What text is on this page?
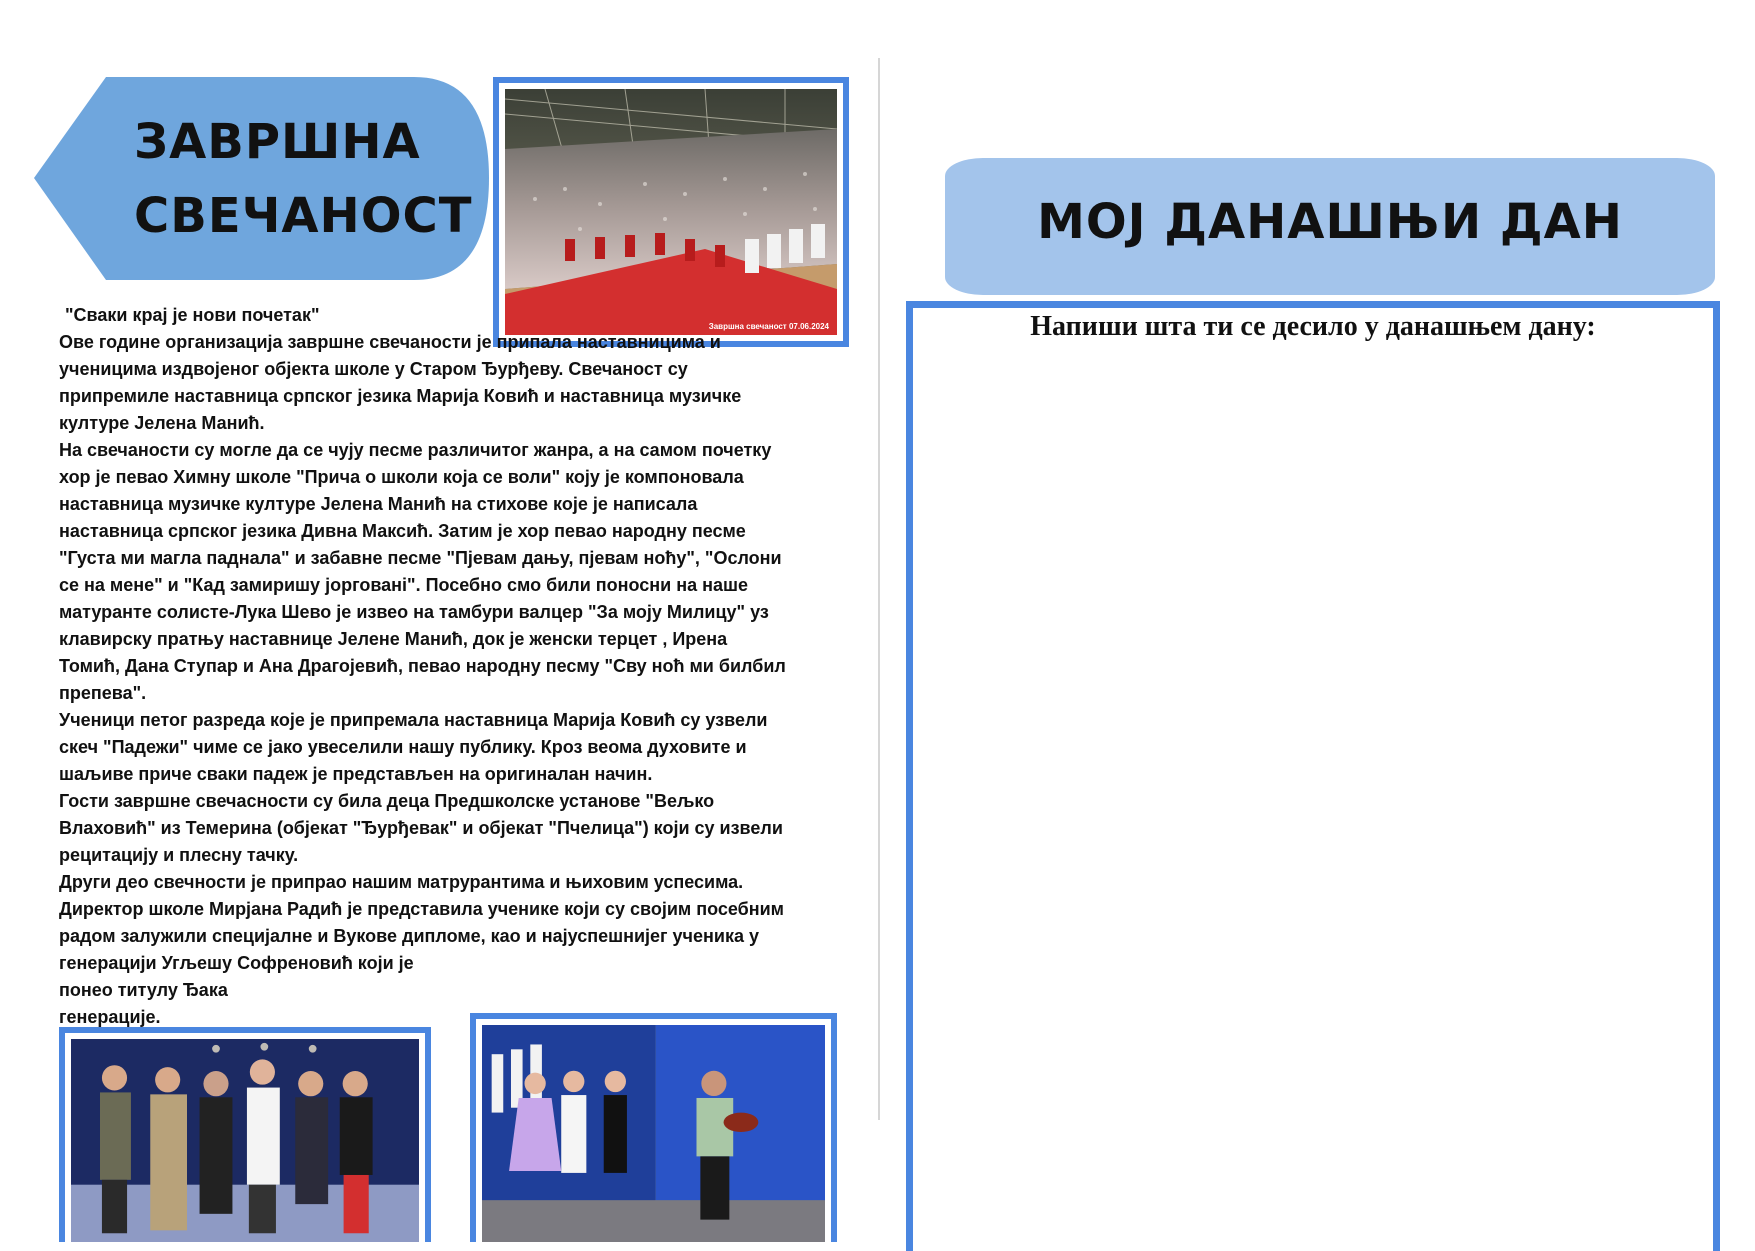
ЗАВРШНА
СВЕЧАНОСТ
Завршна свечаност 07.06.2024

"Сваки крај је нови почетак"

Ове године организација завршне свечаности је припала наставницима и

ученицима издвојеног објекта школе у Старом Ђурђеву. Свечаност су

припремиле наставница српског језика Марија Ковић и наставница музичке

културе Јелена Манић.

На свечаности су могле да се чују песме различитог жанра, а на самом почетку

хор је певао Химну школе "Прича о школи која се воли" коју је компоновала

наставница музичке културе Јелена Манић на стихове које је написала

наставница српског језика Дивна Максић. Затим је хор певао народну песме

"Густа ми магла паднала" и забавне песме "Пјевам дању, пјевам ноћу", "Ослони

се на мене" и "Кад замиришу јоргованi". Посебно смо били поносни на наше

матуранте солисте-Лука Шево је извео на тамбури валцер "За моју Милицу" уз

клавирску пратњу наставнице Јелене Манић, док је женски терцет , Ирена

Томић, Дана Ступар и Ана Драгојевић, певао народну песму "Сву ноћ ми билбил

препева".

Ученици петог разреда које је припремала наставница Марија Ковић су узвели

скеч "Падежи" чиме се јако увеселили нашу публику. Кроз веома духовите и

шаљиве приче сваки падеж је представљен на оригиналан начин.

Гости завршне свечасности су била деца Предшколске установе "Вељко

Влаховић" из Темерина (објекат "Ђурђевак" и објекат "Пчелица") који су извели

рецитацију и плесну тачку.

Други део свечности је припрао нашим матрурантима и њиховим успесима.

Директор школе Мирјана Радић је представила ученике који су својим посебним

радом залужили специјалне и Вукове дипломе, као и најуспешнијег ученика у

генерацији Угљешу Софреновић који је

понео титулу Ђака

генерације.

МОЈ ДАНАШЊИ ДАН
Напиши шта ти се десило у данашњем дану:
